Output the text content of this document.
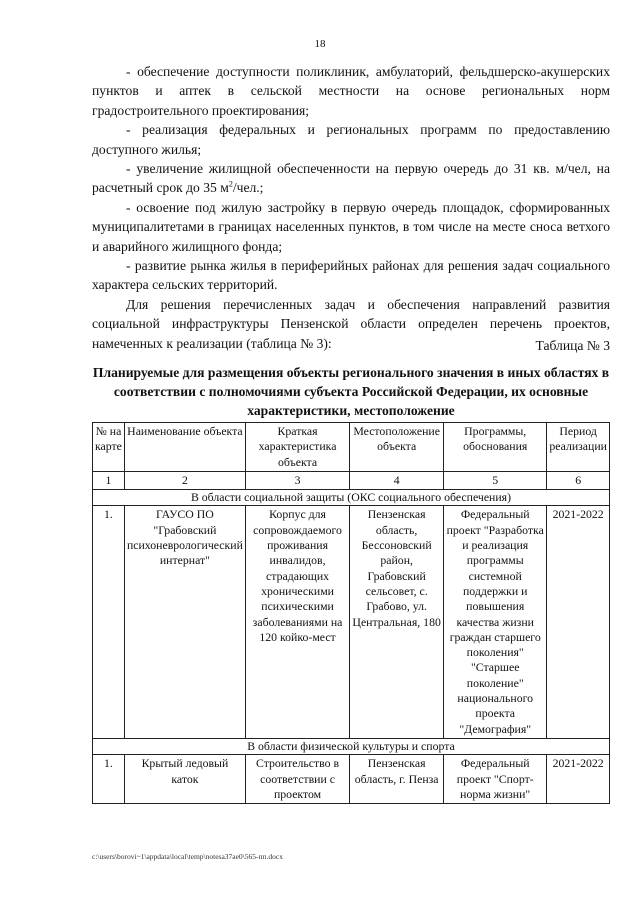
18

- обеспечение доступности поликлиник, амбулаторий, фельдшерско-акушерских пунктов и аптек в сельской местности на основе региональных норм градостроительного проектирования;

- реализация федеральных и региональных программ по предоставлению доступного жилья;

- увеличение жилищной обеспеченности на первую очередь до 31 кв. м/чел, на расчетный срок до 35 $м^2$/чел.;

- освоение под жилую застройку в первую очередь площадок, сформированных муниципалитетами в границах населенных пунктов, в том числе на месте сноса ветхого и аварийного жилищного фонда;

- развитие рынка жилья в периферийных районах для решения задач социального характера сельских территорий.

Для решения перечисленных задач и обеспечения направлений развития социальной инфраструктуры Пензенской области определен перечень проектов, намеченных к реализации (таблица № 3):	Таблица № 3
Планируемые для размещения объекты регионального значения в иных областях в соответствии с полномочиями субъекта Российской Федерации, их основные характеристики, местоположение
№ на карте	Наименование объекта	Краткая характеристика объекта	Местоположение объекта	Программы, обоснования	Период реализации
1	2	3	4	5	6
В области социальной защиты (ОКС социального обеспечения)					
1.	ГАУСО ПО "Грабовский психоневрологический интернат"	Корпус для сопровождаемого проживания инвалидов, страдающих хроническими психическими заболеваниями на 120 койко-мест	Пензенская область, Бессоновский район, Грабовский сельсовет, с. Грабово, ул. Центральная, 180	Федеральный проект "Разработка и реализация программы системной поддержки и повышения качества жизни граждан старшего поколения" "Старшее поколение" национального проекта "Демография"	2021-2022
В области физической культуры и спорта					
1.	Крытый ледовый каток	Строительство в соответствии с проектом	Пензенская область, г. Пенза	Федеральный проект "Спорт-норма жизни"	2021-2022
c:\users\borovi~1\appdata\local\temp\notesa37ae0\565-пп.docx
